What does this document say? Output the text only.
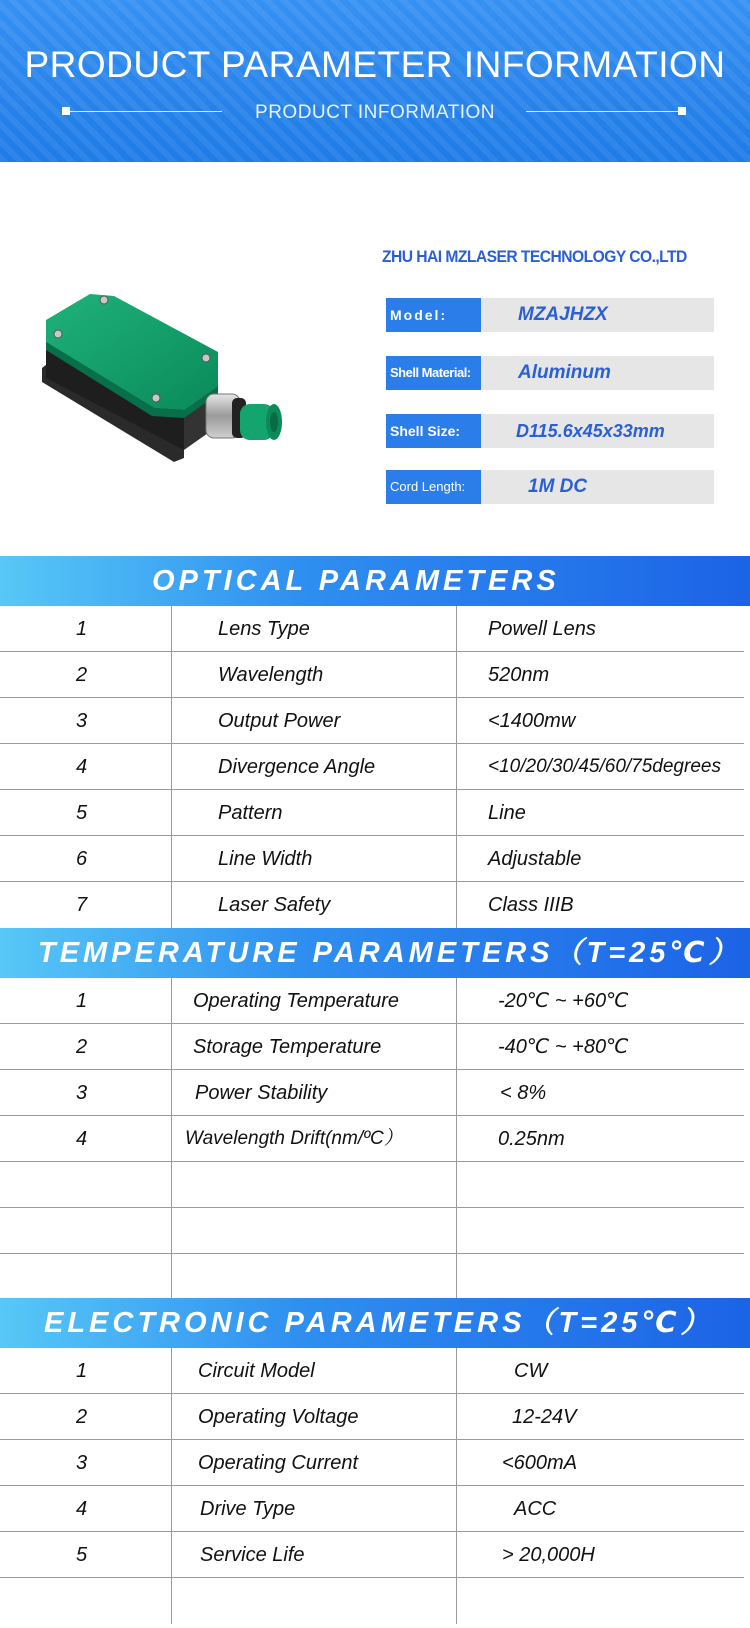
PRODUCT PARAMETER INFORMATION
PRODUCT INFORMATION
ZHU HAI MZLASER TECHNOLOGY CO.,LTD
Model:	MZAJHZX
Shell Material:	Aluminum
Shell Size:	D115.6x45x33mm
Cord Length:	1M DC
OPTICAL PARAMETERS
1	Lens Type	Powell Lens
2	Wavelength	520nm
3	Output Power	<1400mw
4	Divergence Angle	<10/20/30/45/60/75degrees
5	Pattern	Line
6	Line Width	Adjustable
7	Laser Safety	Class IIIB
TEMPERATURE PARAMETERS（T=25℃）
1	Operating Temperature	-20℃ ~ +60℃
2	Storage Temperature	-40℃ ~ +80℃
3	Power Stability	< 8%
4	Wavelength Drift(nm/ºC）	0.25nm
ELECTRONIC PARAMETERS（T=25℃）
1	Circuit Model	CW
2	Operating Voltage	12-24V
3	Operating Current	<600mA
4	Drive Type	ACC
5	Service Life	> 20,000H
